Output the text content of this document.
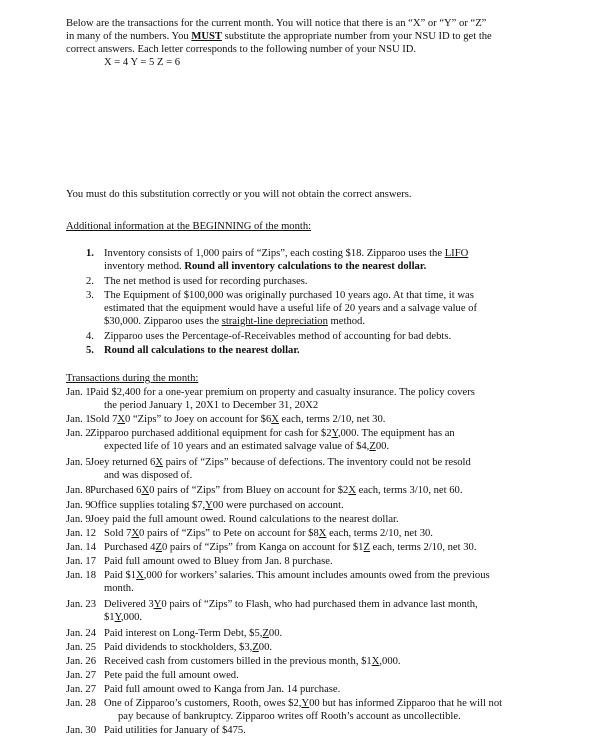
Below are the transactions for the current month. You will notice that there is an “X” or “Y” or “Z”
in many of the numbers. You MUST substitute the appropriate number from your NSU ID to get the
correct answers. Each letter corresponds to the following number of your NSU ID.
X = 4 Y = 5 Z = 6
You must do this substitution correctly or you will not obtain the correct answers.
Additional information at the BEGINNING of the month:
1. Inventory consists of 1,000 pairs of “Zips”, each costing $18. Zipparoo uses the LIFO
inventory method. Round all inventory calculations to the nearest dollar.
2. The net method is used for recording purchases.
3. The Equipment of $100,000 was originally purchased 10 years ago. At that time, it was
estimated that the equipment would have a useful life of 20 years and a salvage value of
$30,000. Zipparoo uses the straight-line depreciation method.
4. Zipparoo uses the Percentage-of-Receivables method of accounting for bad debts.
5. Round all calculations to the nearest dollar.
Transactions during the month:
Jan. 1 Paid $2,400 for a one-year premium on property and casualty insurance. The policy covers
the period January 1, 20X1 to December 31, 20X2
Jan. 1 Sold 7X0 “Zips” to Joey on account for $6X each, terms 2/10, net 30.
Jan. 2 Zipparoo purchased additional equipment for cash for $2Y,000. The equipment has an
expected life of 10 years and an estimated salvage value of $4,Z00.
Jan. 5 Joey returned 6X pairs of “Zips” because of defections. The inventory could not be resold
and was disposed of.
Jan. 8 Purchased 6X0 pairs of “Zips” from Bluey on account for $2X each, terms 3/10, net 60.
Jan. 9 Office supplies totaling $7,Y00 were purchased on account.
Jan. 9 Joey paid the full amount owed. Round calculations to the nearest dollar.
Jan. 12 Sold 7X0 pairs of “Zips” to Pete on account for $8X each, terms 2/10, net 30.
Jan. 14 Purchased 4Z0 pairs of “Zips” from Kanga on account for $1Z each, terms 2/10, net 30.
Jan. 17 Paid full amount owed to Bluey from Jan. 8 purchase.
Jan. 18 Paid $1X,000 for workers’ salaries. This amount includes amounts owed from the previous
month.
Jan. 23 Delivered 3Y0 pairs of “Zips” to Flash, who had purchased them in advance last month,
$1Y,000.
Jan. 24 Paid interest on Long-Term Debt, $5,Z00.
Jan. 25 Paid dividends to stockholders, $3,Z00.
Jan. 26 Received cash from customers billed in the previous month, $1X,000.
Jan. 27 Pete paid the full amount owed.
Jan. 27 Paid full amount owed to Kanga from Jan. 14 purchase.
Jan. 28 One of Zipparoo’s customers, Rooth, owes $2,Y00 but has informed Zipparoo that he will not
pay because of bankruptcy. Zipparoo writes off Rooth’s account as uncollectible.
Jan. 30 Paid utilities for January of $475.
